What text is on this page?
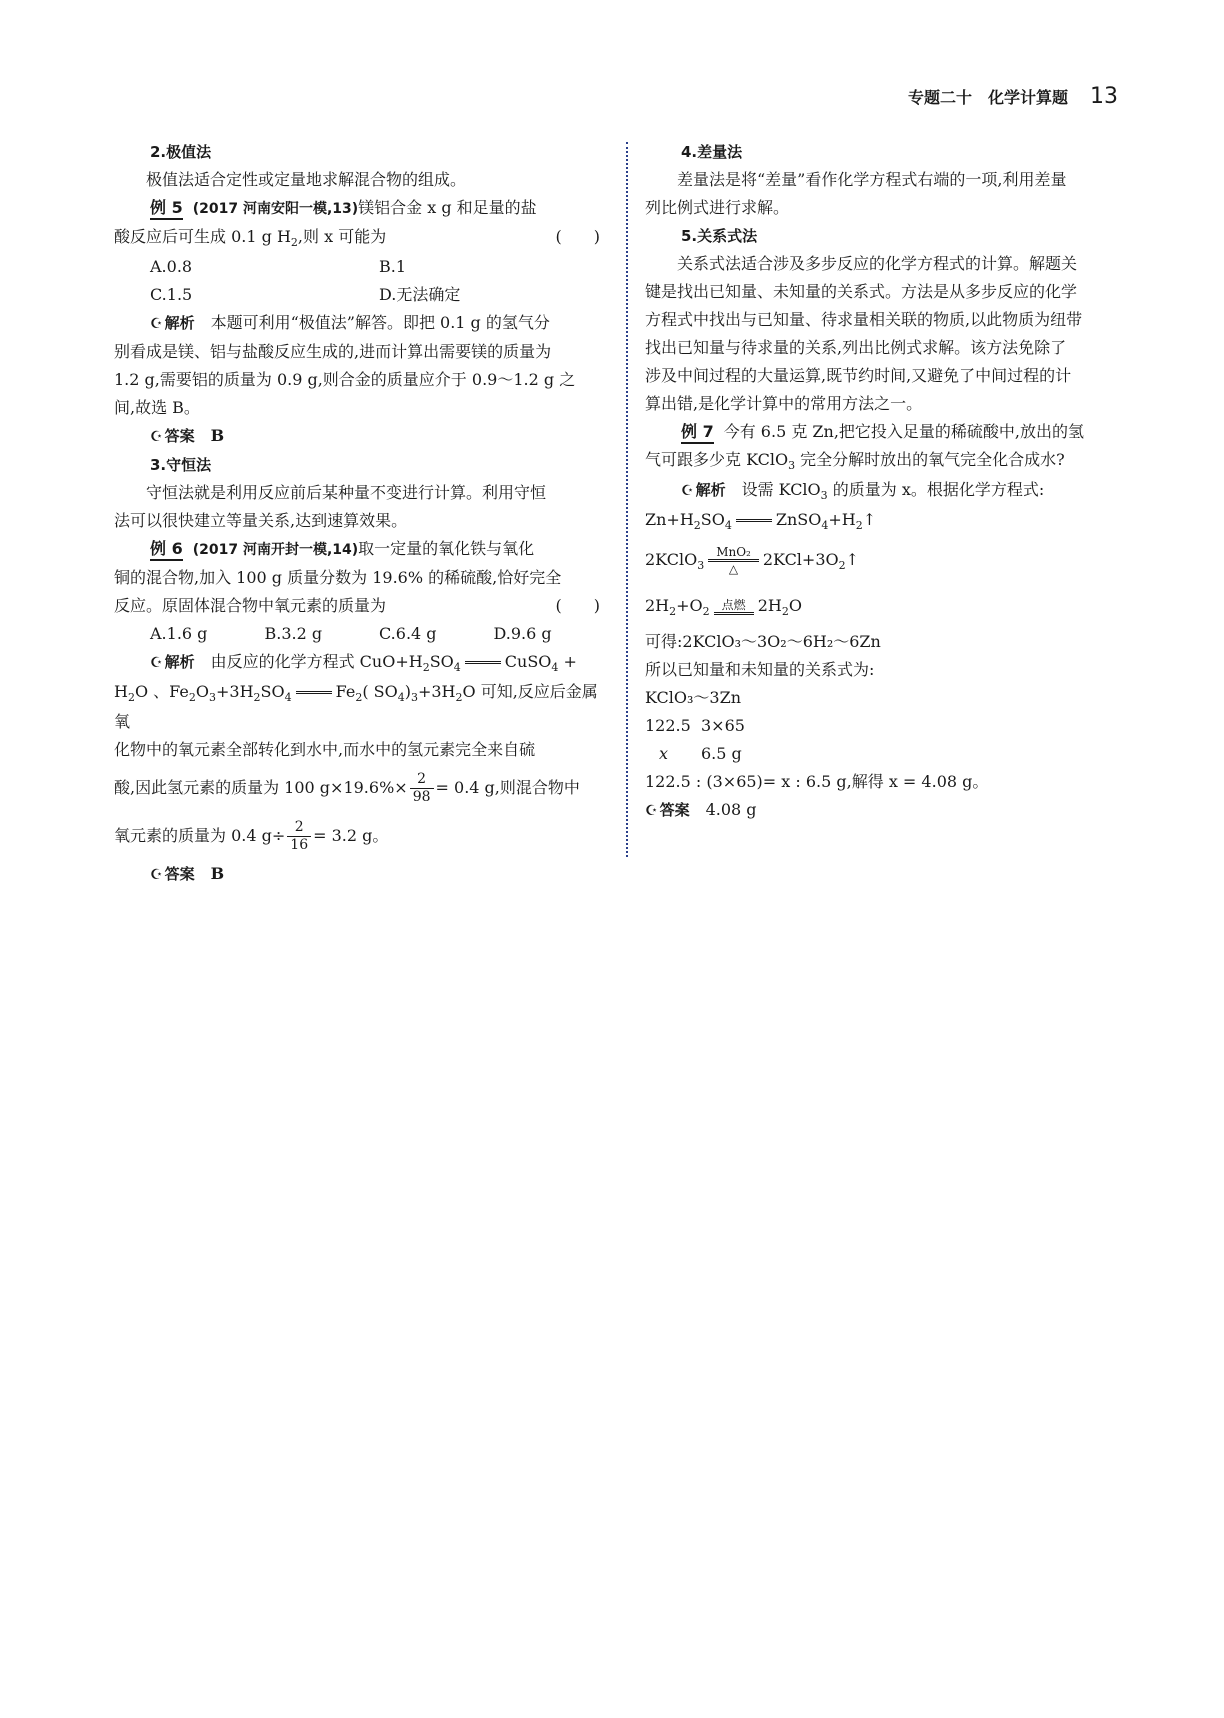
专题二十　化学计算题 13

2.极值法

极值法适合定性或定量地求解混合物的组成。

例 5 (2017 河南安阳一模,13)镁铝合金 x g 和足量的盐

酸反应后可生成 0.1 g $H_2$,则 x 可能为	(　　)

A.0.8	B.1
C.1.5	D.无法确定

☪ 解析 本题可利用“极值法”解答。即把 0.1 g 的氢气分

别看成是镁、铝与盐酸反应生成的,进而计算出需要镁的质量为

1.2 g,需要铝的质量为 0.9 g,则合金的质量应介于 0.9～1.2 g 之

间,故选 B。

☪ 答案 B

3.守恒法

守恒法就是利用反应前后某种量不变进行计算。利用守恒

法可以很快建立等量关系,达到速算效果。

例 6 (2017 河南开封一模,14)取一定量的氧化铁与氧化

铜的混合物,加入 100 g 质量分数为 19.6% 的稀硫酸,恰好完全

反应。原固体混合物中氧元素的质量为	(　　)

A.1.6 g	B.3.2 g	C.6.4 g	D.9.6 g

☪ 解析 由反应的化学方程式 $CuO+H_2SO_4$	CuSO$_4$ +

$H_2O$ 、$Fe_2O_3+3H_2SO_4$	$Fe_2$( $SO_4)_3+3H_2O$ 可知,反应后金属氧

化物中的氧元素全部转化到水中,而水中的氢元素完全来自硫

酸,因此氢元素的质量为 100 $g\times 19.6\%\times \frac{2}{98} = 0.4$ g,则混合物中

氧元素的质量为 0.4 $g\div \frac{2}{16} = 3.2$ g。

☪ 答案 B

4.差量法

差量法是将“差量”看作化学方程式右端的一项,利用差量

列比例式进行求解。

5.关系式法

关系式法适合涉及多步反应的化学方程式的计算。解题关

键是找出已知量、未知量的关系式。方法是从多步反应的化学

方程式中找出与已知量、待求量相关联的物质,以此物质为纽带

找出已知量与待求量的关系,列出比例式求解。该方法免除了

涉及中间过程的大量运算,既节约时间,又避免了中间过程的计

算出错,是化学计算中的常用方法之一。

例 7 今有 6.5 克 Zn,把它投入足量的稀硫酸中,放出的氢

气可跟多少克 KClO$_3$ 完全分解时放出的氧气完全化合成水?

☪ 解析 设需 KClO$_3$ 的质量为 x。根据化学方程式:

$Zn+H_2SO_4$	$ZnSO_4+H_2↑$

2KClO$_3$
MnO₂
△	$2KCl+3O_2↑$

$2H_2+O_2$	点燃 $2H_2O$

可得:2KClO₃～3O₂～6H₂～6Zn

所以已知量和未知量的关系式为:

KClO₃～3Zn

122.5 3×65

x 6.5 g

122.5 : (3×65)= x : 6.5 g,解得 x = 4.08 g。

☪ 答案 4.08 g
